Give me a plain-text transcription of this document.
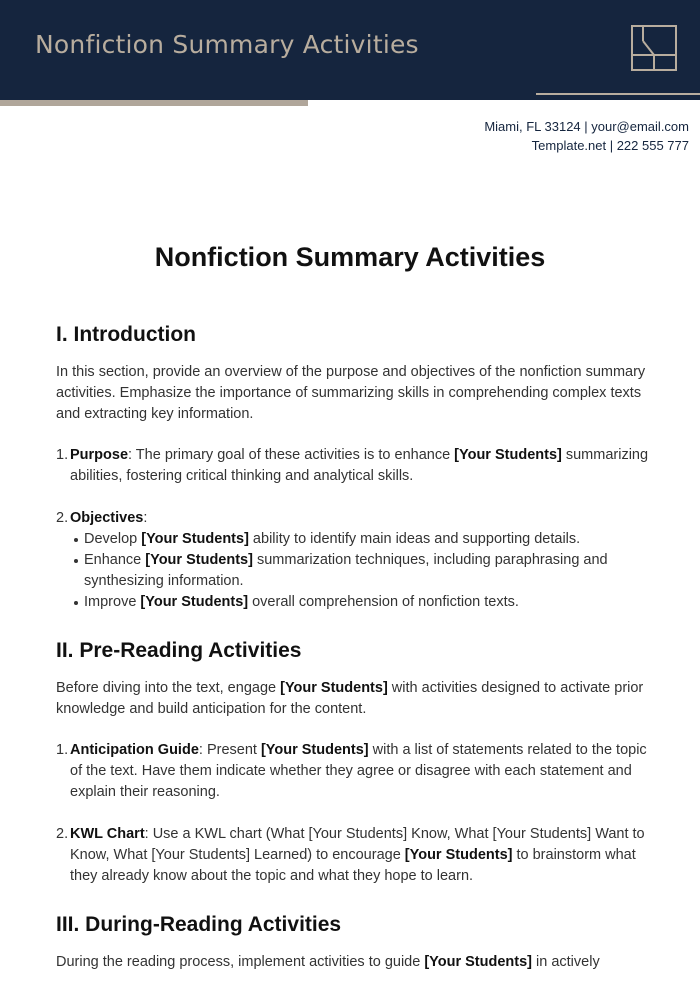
Nonfiction Summary Activities
Miami, FL 33124 | your@email.com
Template.net | 222 555 777
Nonfiction Summary Activities
I. Introduction

In this section, provide an overview of the purpose and objectives of the nonfiction summary activities. Emphasize the importance of summarizing skills in comprehending complex texts and extracting key information.

1. Purpose: The primary goal of these activities is to enhance [Your Students] summarizing abilities, fostering critical thinking and analytical skills.
2. Objectives:
Develop [Your Students] ability to identify main ideas and supporting details.
Enhance [Your Students] summarization techniques, including paraphrasing and synthesizing information.
Improve [Your Students] overall comprehension of nonfiction texts.
II. Pre-Reading Activities

Before diving into the text, engage [Your Students] with activities designed to activate prior knowledge and build anticipation for the content.

1. Anticipation Guide: Present [Your Students] with a list of statements related to the topic of the text. Have them indicate whether they agree or disagree with each statement and explain their reasoning.
2. KWL Chart: Use a KWL chart (What [Your Students] Know, What [Your Students] Want to Know, What [Your Students] Learned) to encourage [Your Students] to brainstorm what they already know about the topic and what they hope to learn.
III. During-Reading Activities

During the reading process, implement activities to guide [Your Students] in actively
